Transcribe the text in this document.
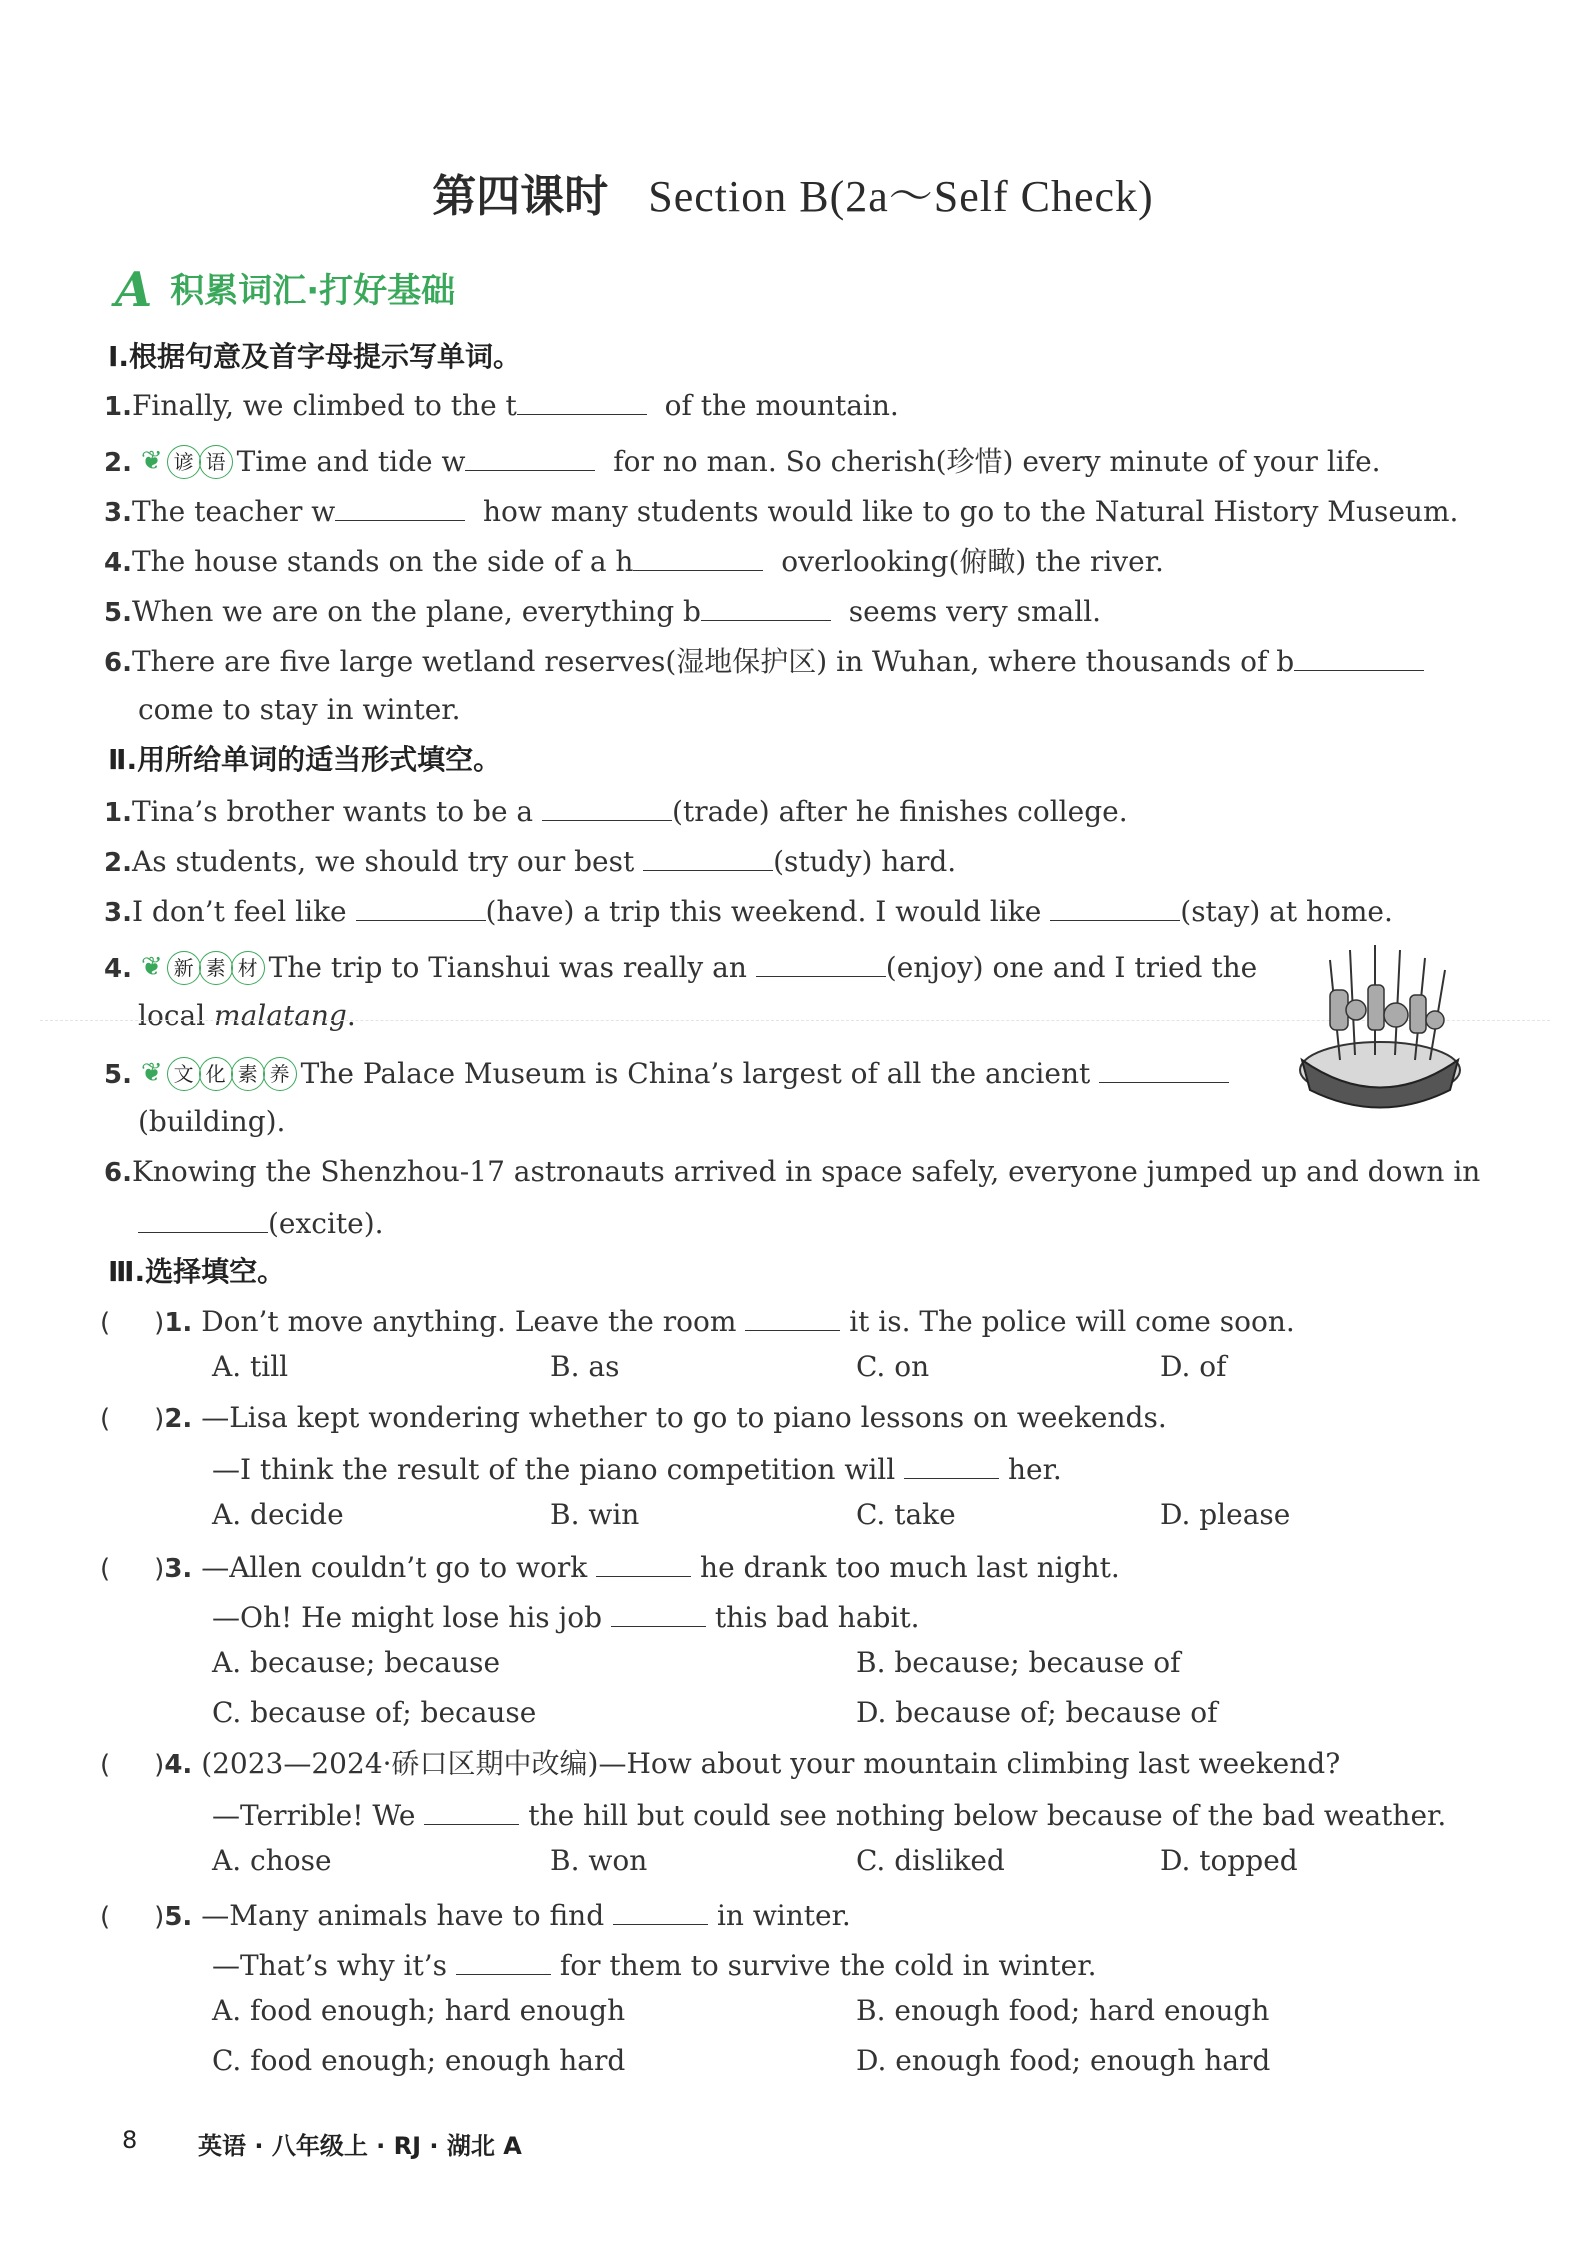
第四课时 Section B(2a～Self Check)
A 积累词汇·打好基础
Ⅰ.根据句意及首字母提示写单词。
1.Finally, we climbed to the t	of the mountain.
2. ❦ 谚 语 Time and tide w	for no man. So cherish(珍惜) every minute of your life.
3.The teacher w	how many students would like to go to the Natural History Museum.
4.The house stands on the side of a h	overlooking(俯瞰) the river.
5.When we are on the plane, everything b	seems very small.
6.There are five large wetland reserves(湿地保护区) in Wuhan, where thousands of b
come to stay in winter.
Ⅱ.用所给单词的适当形式填空。
1.Tina’s brother wants to be a	(trade) after he finishes college.
2.As students, we should try our best	(study) hard.
3.I don’t feel like	(have) a trip this weekend. I would like	(stay) at home.
4. ❦ 新 素 材 The trip to Tianshui was really an	(enjoy) one and I tried the
local malatang.
5. ❦ 文 化 素 养 The Palace Museum is China’s largest of all the ancient
(building).
6.Knowing the Shenzhou-17 astronauts arrived in space safely, everyone jumped up and down in
(excite).
Ⅲ.选择填空。
( )1. Don’t move anything. Leave the room	it is. The police will come soon.
A. till	B. as	C. on	D. of
( )2. —Lisa kept wondering whether to go to piano lessons on weekends.
—I think the result of the piano competition will	her.
A. decide	B. win	C. take	D. please
( )3. —Allen couldn’t go to work	he drank too much last night.
—Oh! He might lose his job	this bad habit.
A. because; because	B. because; because of
C. because of; because	D. because of; because of
( )4. (2023—2024·硚口区期中改编)—How about your mountain climbing last weekend?
—Terrible! We	the hill but could see nothing below because of the bad weather.
A. chose	B. won	C. disliked	D. topped
( )5. —Many animals have to find	in winter.
—That’s why it’s	for them to survive the cold in winter.
A. food enough; hard enough	B. enough food; hard enough
C. food enough; enough hard	D. enough food; enough hard
8	英语 · 八年级上 · RJ · 湖北 A
